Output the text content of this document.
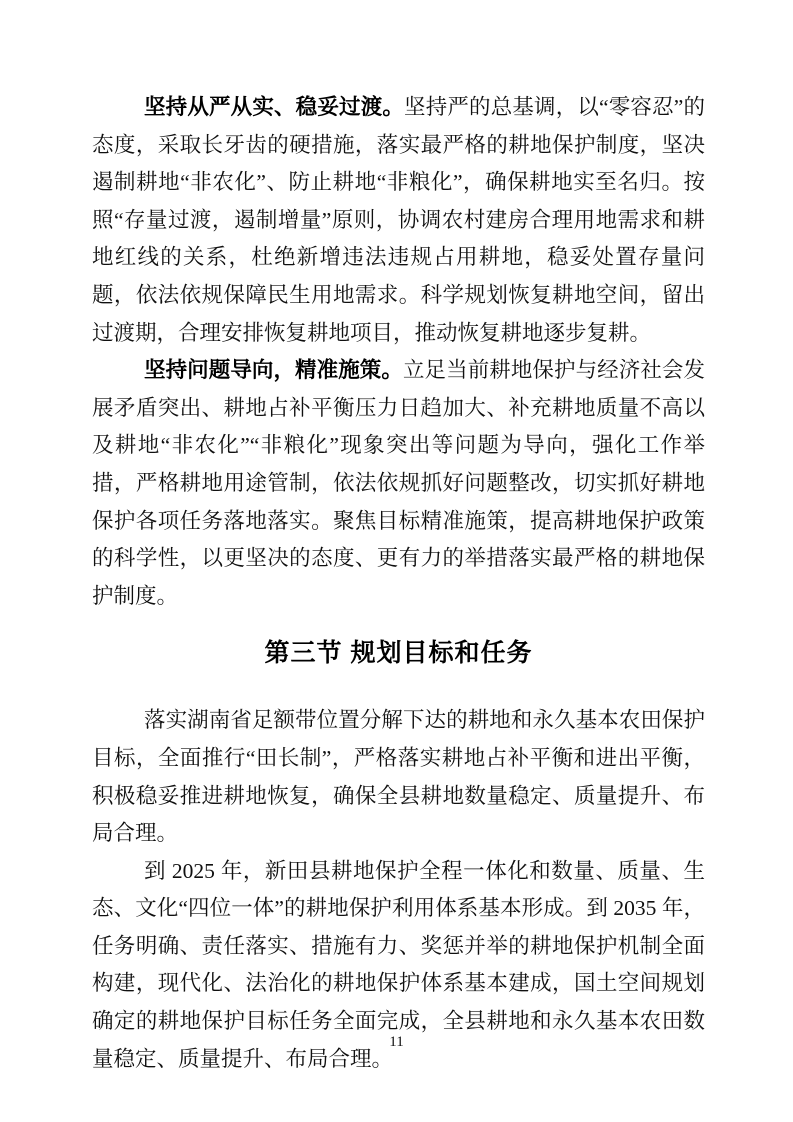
坚持从严从实、稳妥过渡。坚持严的总基调，以“零容忍”的态度，采取长牙齿的硬措施，落实最严格的耕地保护制度，坚决遏制耕地“非农化”、防止耕地“非粮化”，确保耕地实至名归。按照“存量过渡，遏制增量”原则，协调农村建房合理用地需求和耕地红线的关系，杜绝新增违法违规占用耕地，稳妥处置存量问题，依法依规保障民生用地需求。科学规划恢复耕地空间，留出过渡期，合理安排恢复耕地项目，推动恢复耕地逐步复耕。

坚持问题导向，精准施策。立足当前耕地保护与经济社会发展矛盾突出、耕地占补平衡压力日趋加大、补充耕地质量不高以及耕地“非农化”“非粮化”现象突出等问题为导向，强化工作举措，严格耕地用途管制，依法依规抓好问题整改，切实抓好耕地保护各项任务落地落实。聚焦目标精准施策，提高耕地保护政策的科学性，以更坚决的态度、更有力的举措落实最严格的耕地保护制度。

第三节 规划目标和任务

落实湖南省足额带位置分解下达的耕地和永久基本农田保护目标，全面推行“田长制”，严格落实耕地占补平衡和进出平衡，积极稳妥推进耕地恢复，确保全县耕地数量稳定、质量提升、布局合理。

到 2025 年，新田县耕地保护全程一体化和数量、质量、生态、文化“四位一体”的耕地保护利用体系基本形成。到 2035 年，任务明确、责任落实、措施有力、奖惩并举的耕地保护机制全面构建，现代化、法治化的耕地保护体系基本建成，国土空间规划确定的耕地保护目标任务全面完成，全县耕地和永久基本农田数量稳定、质量提升、布局合理。

11
